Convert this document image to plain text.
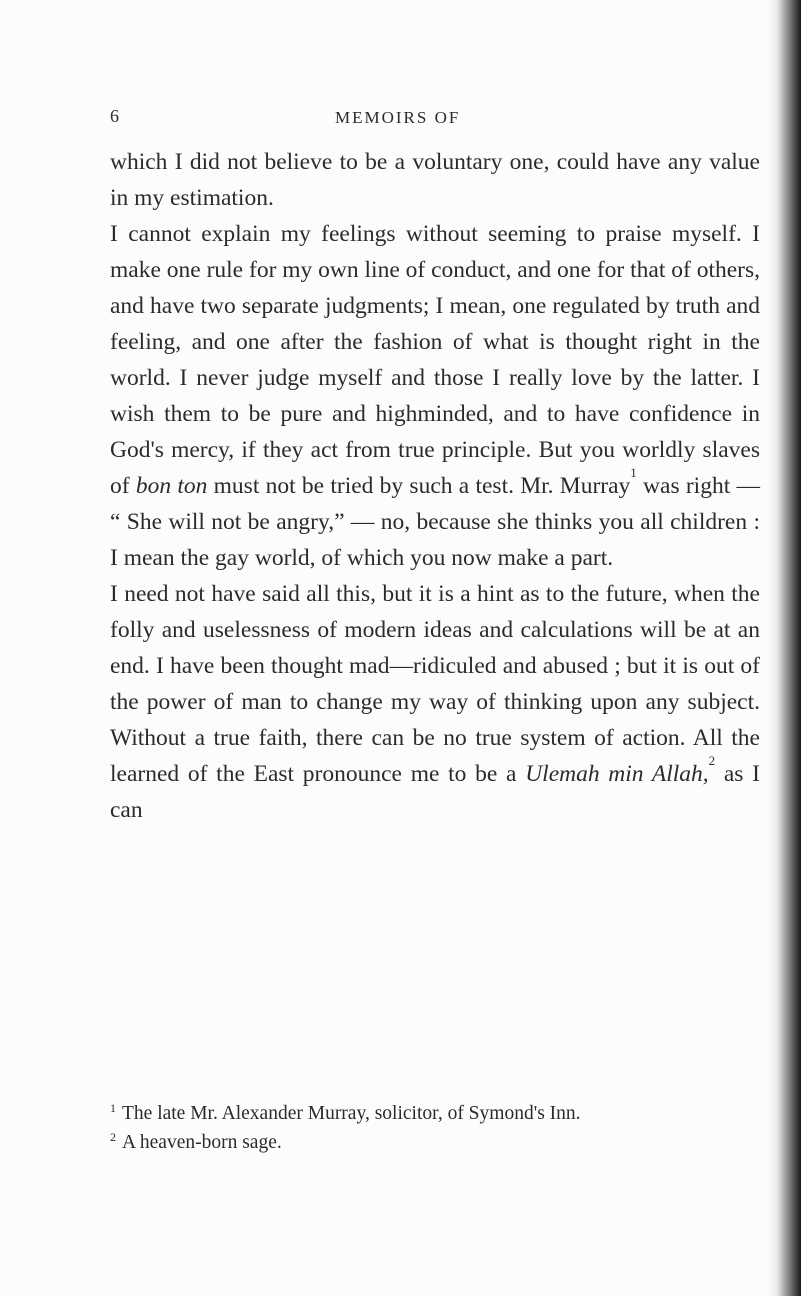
6	MEMOIRS OF

which I did not believe to be a voluntary one, could have any value in my estimation.

I cannot explain my feelings without seeming to praise myself. I make one rule for my own line of conduct, and one for that of others, and have two separate judgments; I mean, one regulated by truth and feeling, and one after the fashion of what is thought right in the world. I never judge myself and those I really love by the latter. I wish them to be pure and highminded, and to have confidence in God's mercy, if they act from true principle. But you worldly slaves of bon ton must not be tried by such a test. Mr. Murray$^1$ was right — “ She will not be angry,” — no, because she thinks you all children : I mean the gay world, of which you now make a part.

I need not have said all this, but it is a hint as to the future, when the folly and uselessness of modern ideas and calculations will be at an end. I have been thought mad—ridiculed and abused ; but it is out of the power of man to change my way of thinking upon any subject. Without a true faith, there can be no true system of action. All the learned of the East pronounce me to be a Ulemah min Allah,$^2$ as I can

$^1$ The late Mr. Alexander Murray, solicitor, of Symond's Inn.

$^2$ A heaven-born sage.
